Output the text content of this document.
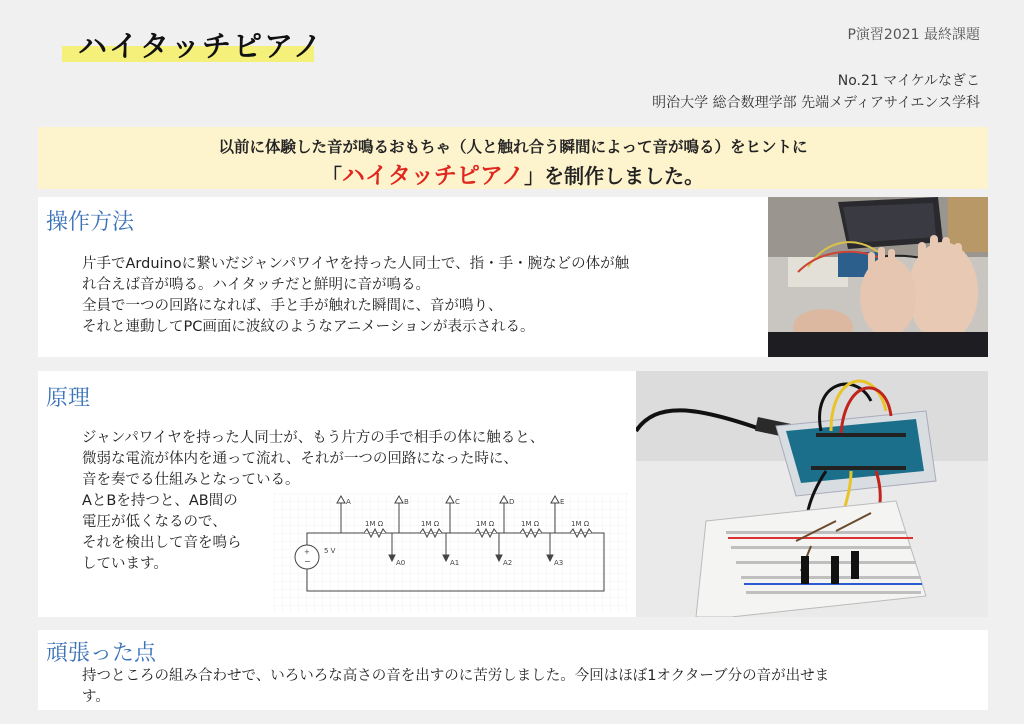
ハイタッチピアノ	P演習2021 最終課題
No.21 マイケルなぎこ
明治大学 総合数理学部 先端メディアサイエンス学科
以前に体験した音が鳴るおもちゃ（人と触れ合う瞬間によって音が鳴る）をヒントに
「ハイタッチピアノ」を制作しました。
操作方法
片手でArduinoに繋いだジャンパワイヤを持った人同士で、指・手・腕などの体が触
れ合えば音が鳴る。ハイタッチだと鮮明に音が鳴る。
全員で一つの回路になれば、手と手が触れた瞬間に、音が鳴り、
それと連動してPC画面に波紋のようなアニメーションが表示される。
原理
ジャンパワイヤを持った人同士が、もう片方の手で相手の体に触ると、
微弱な電流が体内を通って流れ、それが一つの回路になった時に、
音を奏でる仕組みとなっている。
AとBを持つと、AB間の
電圧が低くなるので、
それを検出して音を鳴ら
しています。
+
−
5 V
A	B	C	D	E
1M Ω	1M Ω	1M Ω	1M Ω	1M Ω
A0	A1	A2	A3
頑張った点
持つところの組み合わせで、いろいろな高さの音を出すのに苦労しました。今回はほぼ1オクターブ分の音が出せま
す。
